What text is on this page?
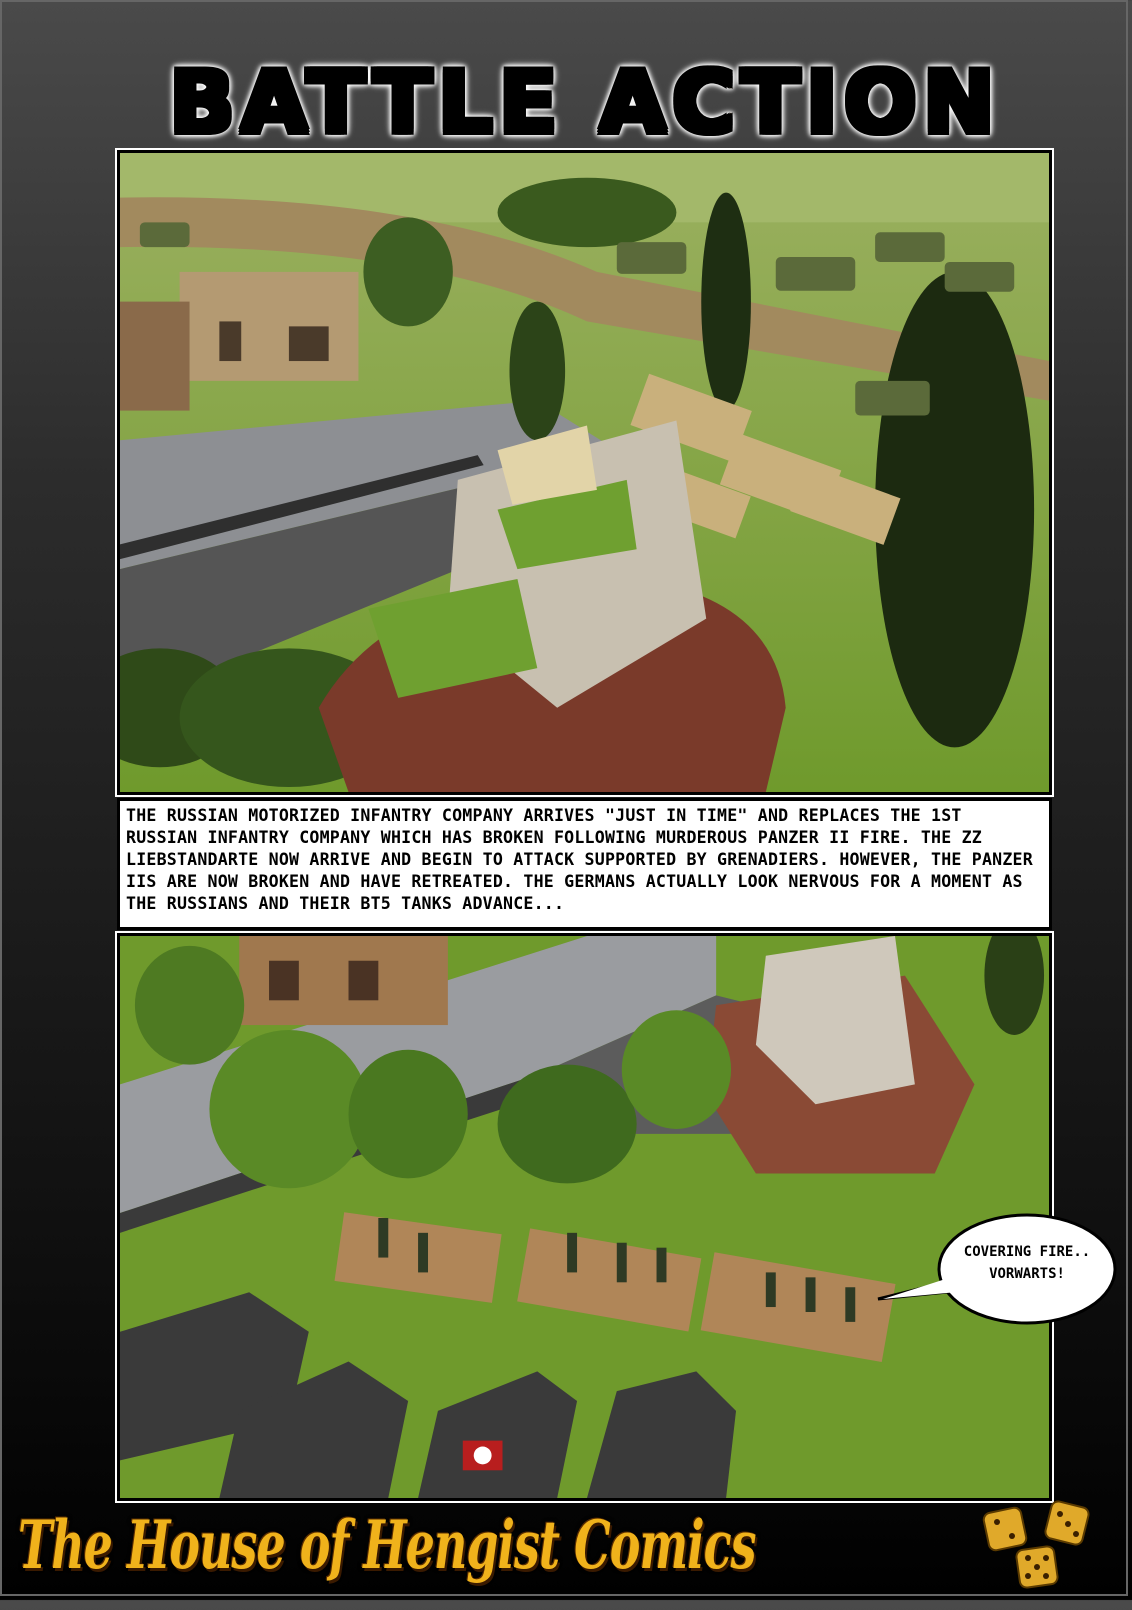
BATTLE ACTION
THE RUSSIAN MOTORIZED INFANTRY COMPANY ARRIVES "JUST IN TIME" AND REPLACES THE 1ST RUSSIAN INFANTRY COMPANY WHICH HAS BROKEN FOLLOWING MURDEROUS PANZER II FIRE. THE ZZ LIEBSTANDARTE NOW ARRIVE AND BEGIN TO ATTACK SUPPORTED BY GRENADIERS. HOWEVER, THE PANZER IIS ARE NOW BROKEN AND HAVE RETREATED. THE GERMANS ACTUALLY LOOK NERVOUS FOR A MOMENT AS THE RUSSIANS AND THEIR BT5 TANKS ADVANCE...
COVERING FIRE..
VORWARTS!
The House of Hengist Comics
